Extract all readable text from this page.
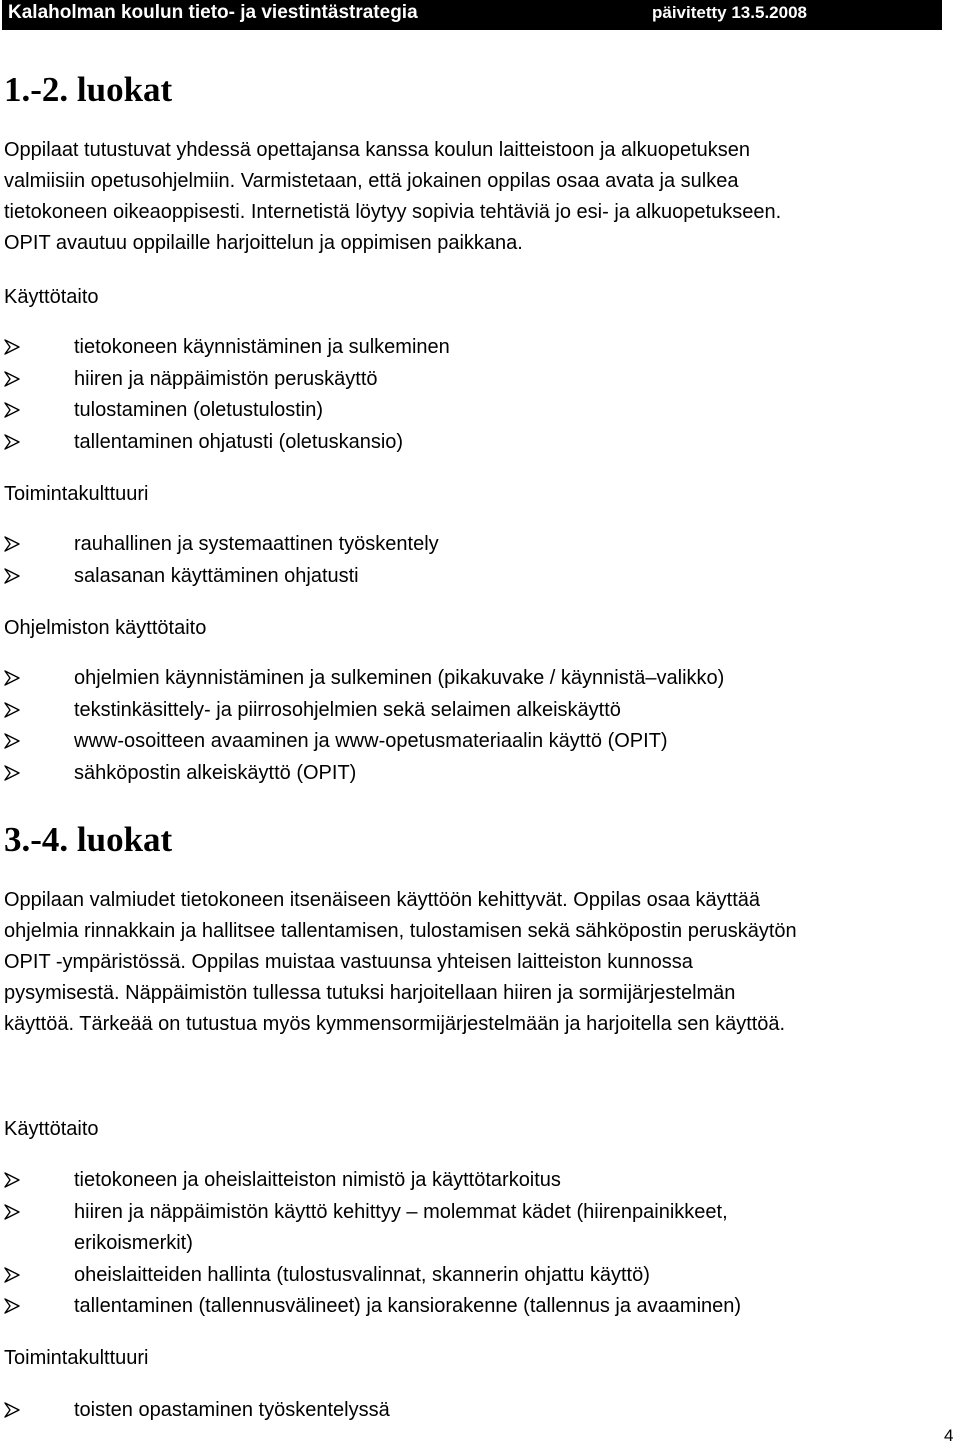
Kalaholman koulun tieto- ja viestintästrategia	päivitetty 13.5.2008
1.-2. luokat
Oppilaat tutustuvat yhdessä opettajansa kanssa koulun laitteistoon ja alkuopetuksen
valmiisiin opetusohjelmiin. Varmistetaan, että jokainen oppilas osaa avata ja sulkea
tietokoneen oikeaoppisesti. Internetistä löytyy sopivia tehtäviä jo esi- ja alkuopetukseen.
OPIT avautuu oppilaille harjoittelun ja oppimisen paikkana.
Käyttötaito
tietokoneen käynnistäminen ja sulkeminen
hiiren ja näppäimistön peruskäyttö
tulostaminen (oletustulostin)
tallentaminen ohjatusti (oletuskansio)
Toimintakulttuuri
rauhallinen ja systemaattinen työskentely
salasanan käyttäminen ohjatusti
Ohjelmiston käyttötaito
ohjelmien käynnistäminen ja sulkeminen (pikakuvake / käynnistä–valikko)
tekstinkäsittely- ja piirrosohjelmien sekä selaimen alkeiskäyttö
www-osoitteen avaaminen ja www-opetusmateriaalin käyttö (OPIT)
sähköpostin alkeiskäyttö (OPIT)
3.-4. luokat
Oppilaan valmiudet tietokoneen itsenäiseen käyttöön kehittyvät. Oppilas osaa käyttää
ohjelmia rinnakkain ja hallitsee tallentamisen, tulostamisen sekä sähköpostin peruskäytön
OPIT -ympäristössä. Oppilas muistaa vastuunsa yhteisen laitteiston kunnossa
pysymisestä. Näppäimistön tullessa tutuksi harjoitellaan hiiren ja sormijärjestelmän
käyttöä. Tärkeää on tutustua myös kymmensormijärjestelmään ja harjoitella sen käyttöä.
Käyttötaito
tietokoneen ja oheislaitteiston nimistö ja käyttötarkoitus
hiiren ja näppäimistön käyttö kehittyy – molemmat kädet (hiirenpainikkeet,
erikoismerkit)
oheislaitteiden hallinta (tulostusvalinnat, skannerin ohjattu käyttö)
tallentaminen (tallennusvälineet) ja kansiorakenne (tallennus ja avaaminen)
Toimintakulttuuri
toisten opastaminen työskentelyssä
4
